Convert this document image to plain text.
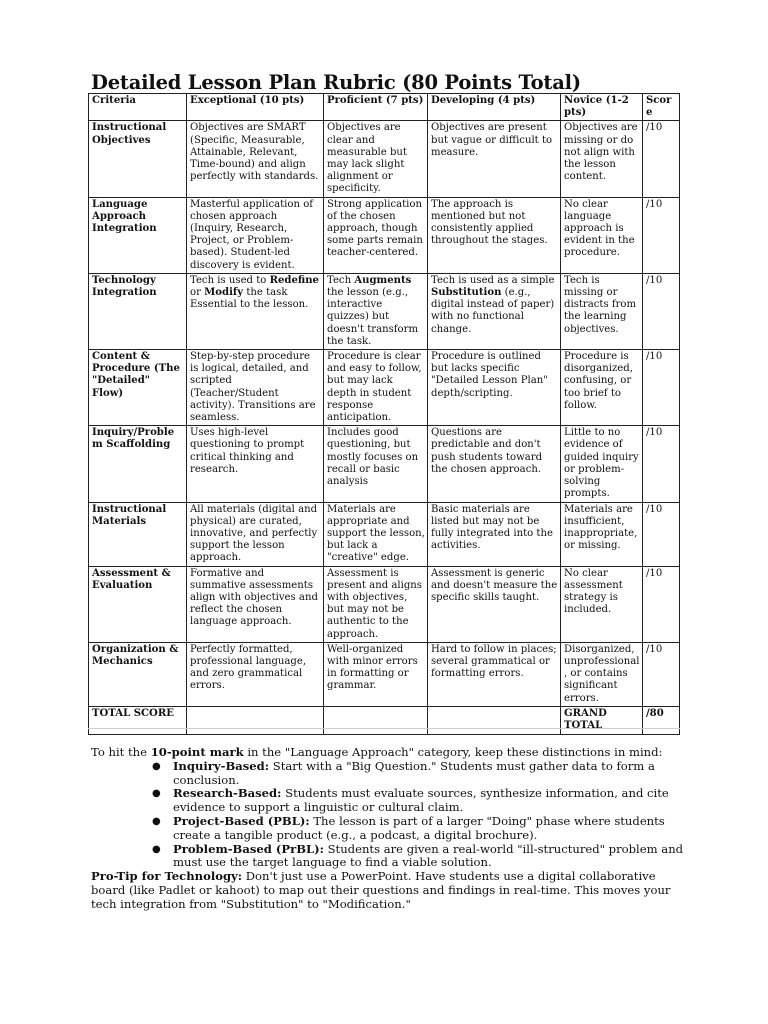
Detailed Lesson Plan Rubric (80 Points Total)
Criteria	Exceptional (10 pts)	Proficient (7 pts)	Developing (4 pts)	Novice (1-2 pts)	Score
Instructional Objectives	Objectives are SMART (Specific, Measurable, Attainable, Relevant, Time-bound) and align perfectly with standards.	Objectives are clear and measurable but may lack slight alignment or specificity.	Objectives are present but vague or difficult to measure.	Objectives are missing or do not align with the lesson content.	/10
Language Approach Integration	Masterful application of chosen approach (Inquiry, Research, Project, or Problem-based). Student-led discovery is evident.	Strong application of the chosen approach, though some parts remain teacher-centered.	The approach is mentioned but not consistently applied throughout the stages.	No clear language approach is evident in the procedure.	/10
Technology Integration	Tech is used to Redefine or Modify the task Essential to the lesson.	Tech Augments the lesson (e.g., interactive quizzes) but doesn't transform the task.	Tech is used as a simple Substitution (e.g., digital instead of paper) with no functional change.	Tech is missing or distracts from the learning objectives.	/10
Content & Procedure (The "Detailed" Flow)	Step-by-step procedure is logical, detailed, and scripted (Teacher/Student activity). Transitions are seamless.	Procedure is clear and easy to follow, but may lack depth in student response anticipation.	Procedure is outlined but lacks specific "Detailed Lesson Plan" depth/scripting.	Procedure is disorganized, confusing, or too brief to follow.	/10
Inquiry/Problem Scaffolding	Uses high-level questioning to prompt critical thinking and research.	Includes good questioning, but mostly focuses on recall or basic analysis	Questions are predictable and don't push students toward the chosen approach.	Little to no evidence of guided inquiry or problem-solving prompts.	/10
Instructional Materials	All materials (digital and physical) are curated, innovative, and perfectly support the lesson approach.	Materials are appropriate and support the lesson, but lack a "creative" edge.	Basic materials are listed but may not be fully integrated into the activities.	Materials are insufficient, inappropriate, or missing.	/10
Assessment & Evaluation	Formative and summative assessments align with objectives and reflect the chosen language approach.	Assessment is present and aligns with objectives, but may not be authentic to the approach.	Assessment is generic and doesn't measure the specific skills taught.	No clear assessment strategy is included.	/10
Organization & Mechanics	Perfectly formatted, professional language, and zero grammatical errors.	Well-organized with minor errors in formatting or grammar.	Hard to follow in places; several grammatical or formatting errors.	Disorganized, unprofessional, or contains significant errors.	/10
TOTAL SCORE				GRAND TOTAL	/80

To hit the 10-point mark in the "Language Approach" category, keep these distinctions in mind:

● Inquiry-Based: Start with a "Big Question." Students must gather data to form a conclusion.
● Research-Based: Students must evaluate sources, synthesize information, and cite evidence to support a linguistic or cultural claim.
● Project-Based (PBL): The lesson is part of a larger "Doing" phase where students create a tangible product (e.g., a podcast, a digital brochure).
● Problem-Based (PrBL): Students are given a real-world "ill-structured" problem and must use the target language to find a viable solution.

Pro-Tip for Technology: Don't just use a PowerPoint. Have students use a digital collaborative board (like Padlet or kahoot) to map out their questions and findings in real-time. This moves your tech integration from "Substitution" to "Modification."
